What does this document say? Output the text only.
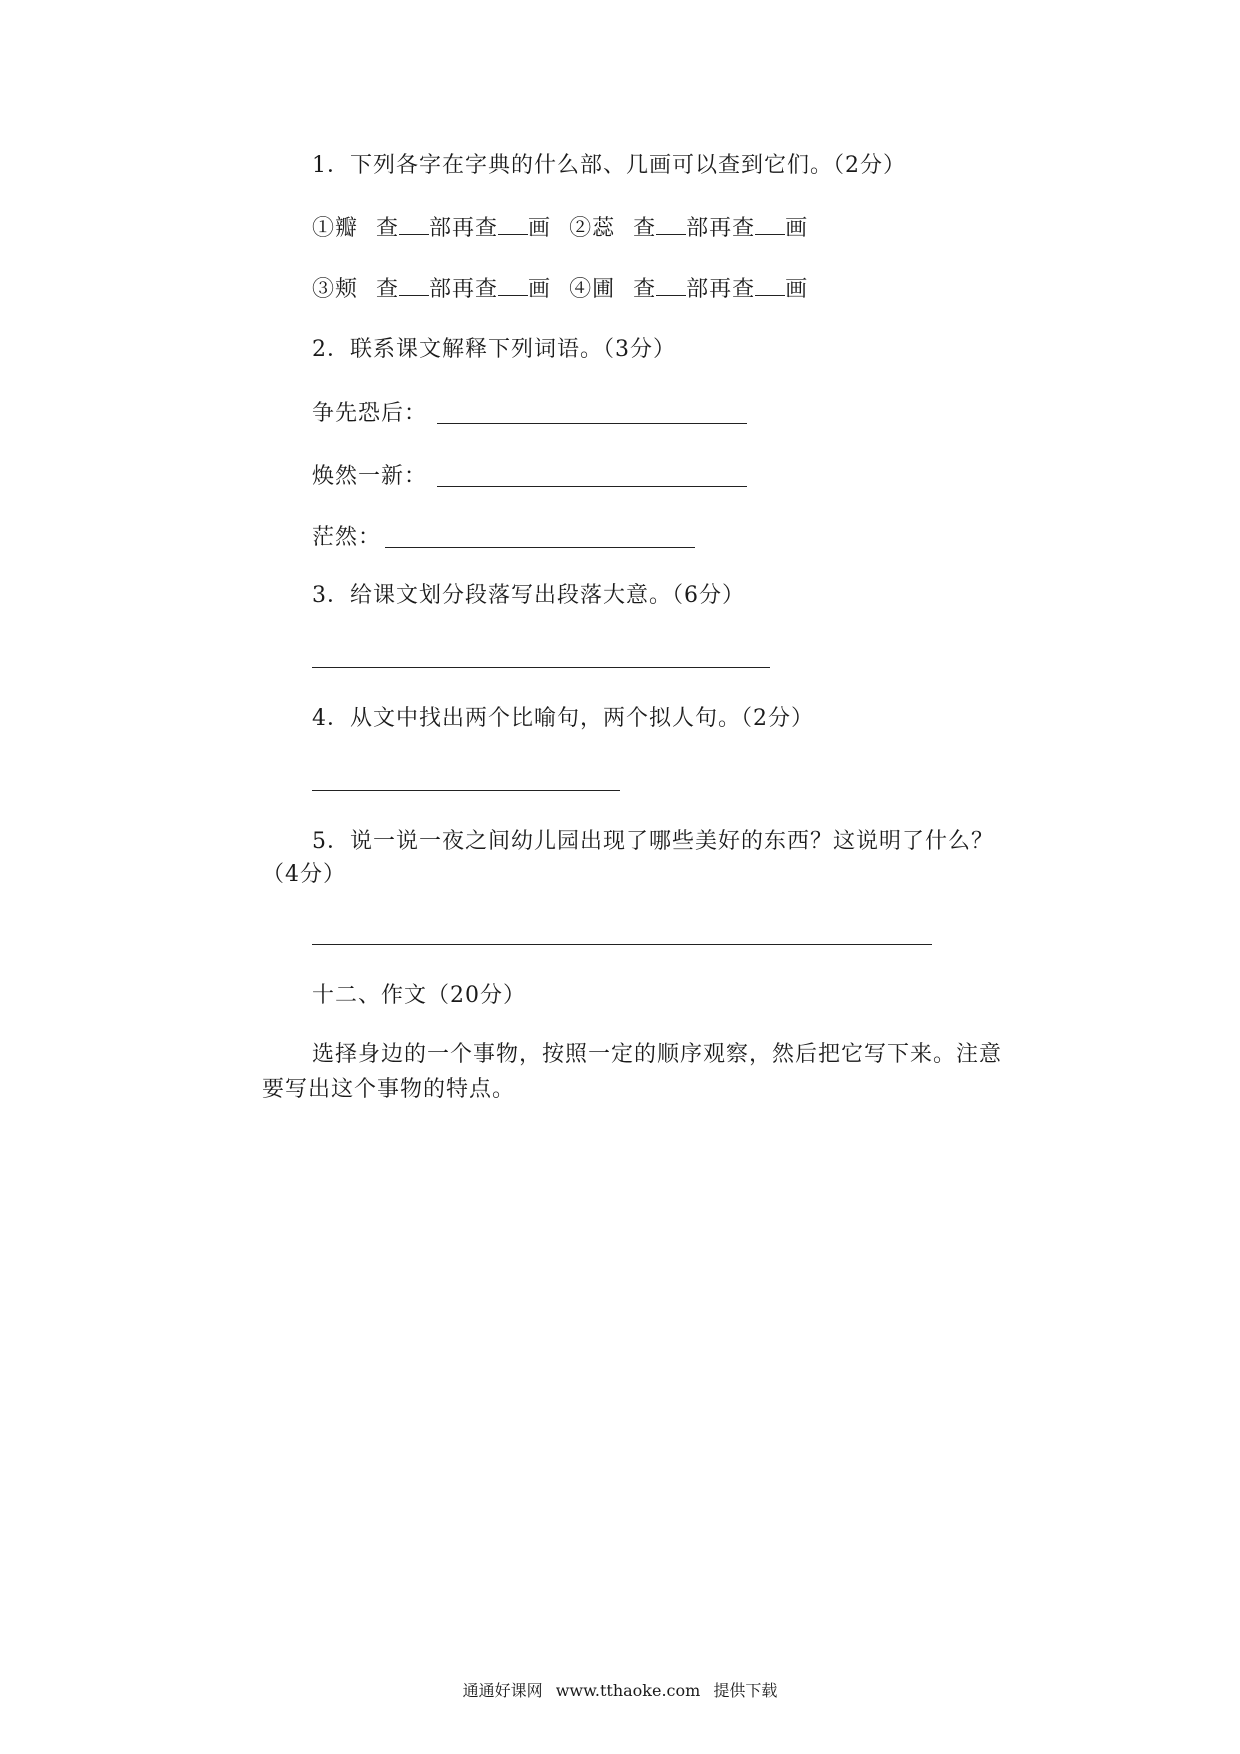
1．下列各字在字典的什么部、几画可以查到它们。（2分）
①瓣 查 部再查 画 ②蕊 查 部再查 画
③颊 查 部再查 画 ④圃 查 部再查 画
2．联系课文解释下列词语。（3分）
争先恐后：
焕然一新：
茫然：
3．给课文划分段落写出段落大意。（6分）
4．从文中找出两个比喻句，两个拟人句。（2分）
5．说一说一夜之间幼儿园出现了哪些美好的东西？这说明了什么？
（4分）
十二、作文（20分）
选择身边的一个事物，按照一定的顺序观察，然后把它写下来。注意
要写出这个事物的特点。
通通好课网 www.tthaoke.com 提供下载
